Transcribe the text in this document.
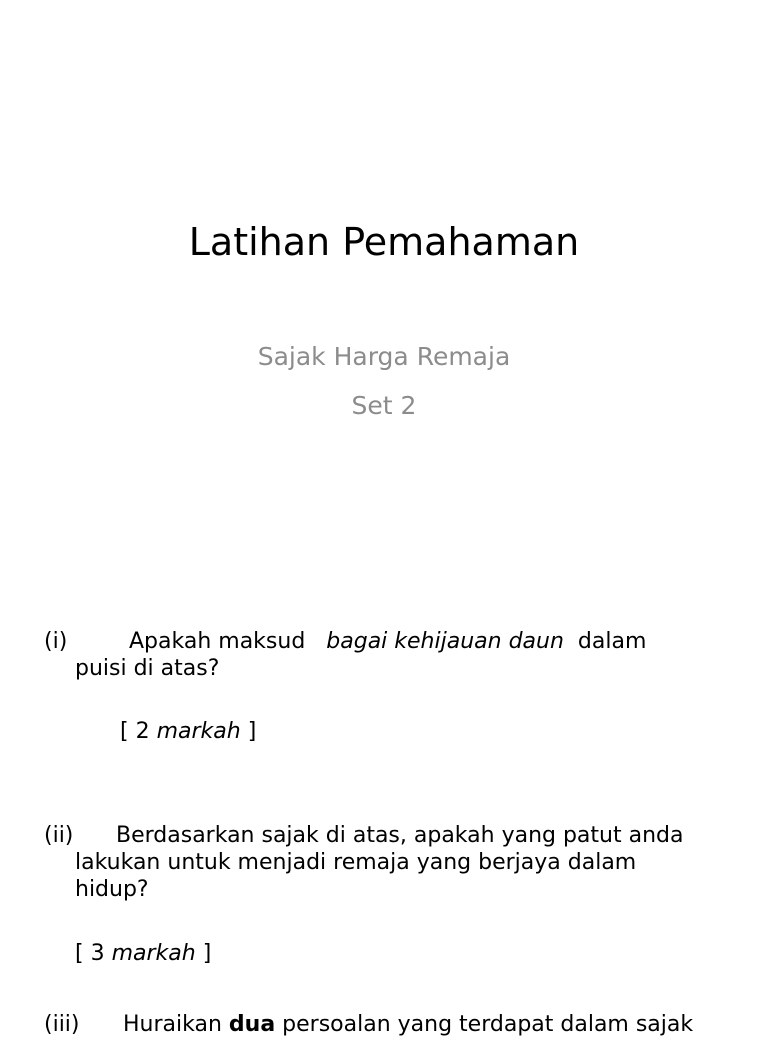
Latihan Pemahaman
Sajak Harga Remaja
Set 2
(i)	Apakah maksud bagai kehijauan daun dalam
puisi di atas?
[ 2 markah ]
(ii) Berdasarkan sajak di atas, apakah yang patut anda
lakukan untuk menjadi remaja yang berjaya dalam
hidup?
[ 3 markah ]
(iii) Huraikan dua persoalan yang terdapat dalam sajak
